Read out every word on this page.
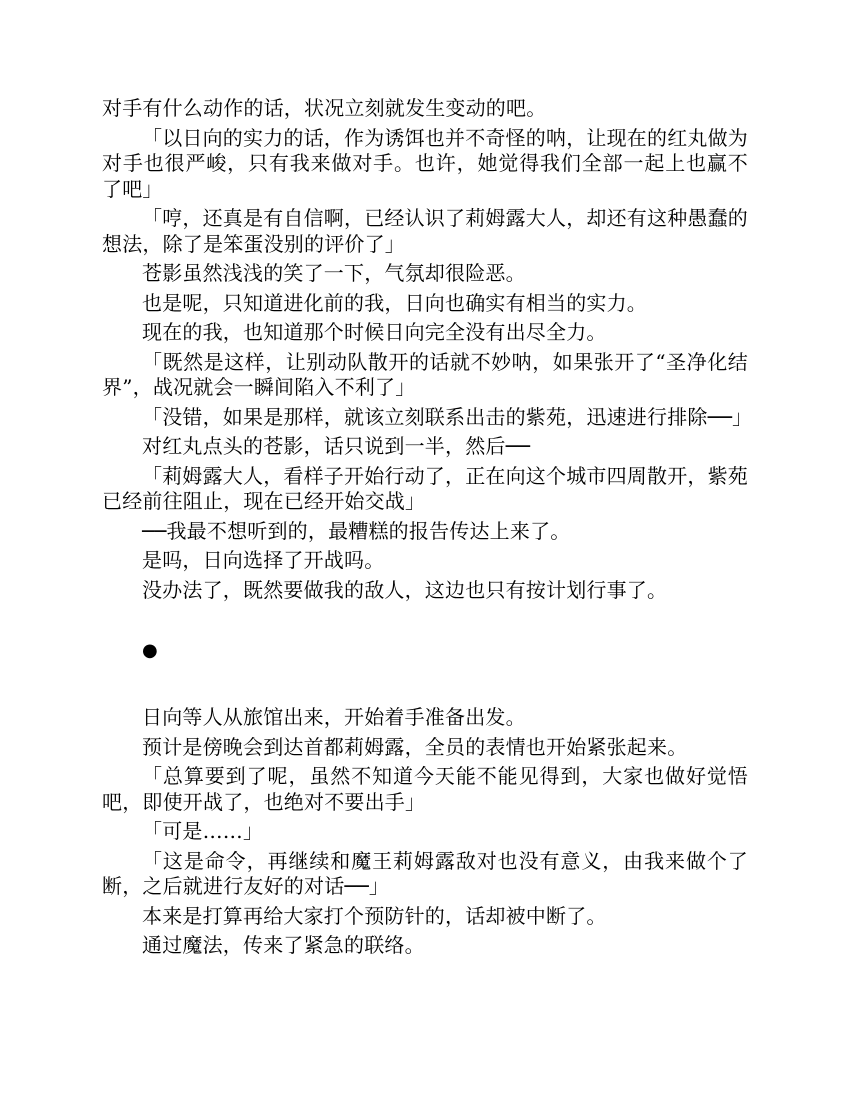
对手有什么动作的话，状况立刻就发生变动的吧。

「以日向的实力的话，作为诱饵也并不奇怪的呐，让现在的红丸做为对手也很严峻，只有我来做对手。也许，她觉得我们全部一起上也赢不了吧」

「哼，还真是有自信啊，已经认识了莉姆露大人，却还有这种愚蠢的想法，除了是笨蛋没别的评价了」

苍影虽然浅浅的笑了一下，气氛却很险恶。

也是呢，只知道进化前的我，日向也确实有相当的实力。

现在的我，也知道那个时候日向完全没有出尽全力。

「既然是这样，让别动队散开的话就不妙呐，如果张开了“圣净化结界”，战况就会一瞬间陷入不利了」

「没错，如果是那样，就该立刻联系出击的紫苑，迅速进行排除──」

对红丸点头的苍影，话只说到一半，然后──

「莉姆露大人，看样子开始行动了，正在向这个城市四周散开，紫苑已经前往阻止，现在已经开始交战」

──我最不想听到的，最糟糕的报告传达上来了。

是吗，日向选择了开战吗。

没办法了，既然要做我的敌人，这边也只有按计划行事了。

●

日向等人从旅馆出来，开始着手准备出发。

预计是傍晚会到达首都莉姆露，全员的表情也开始紧张起来。

「总算要到了呢，虽然不知道今天能不能见得到，大家也做好觉悟吧，即使开战了，也绝对不要出手」

「可是……」

「这是命令，再继续和魔王莉姆露敌对也没有意义，由我来做个了断，之后就进行友好的对话──」

本来是打算再给大家打个预防针的，话却被中断了。

通过魔法，传来了紧急的联络。
